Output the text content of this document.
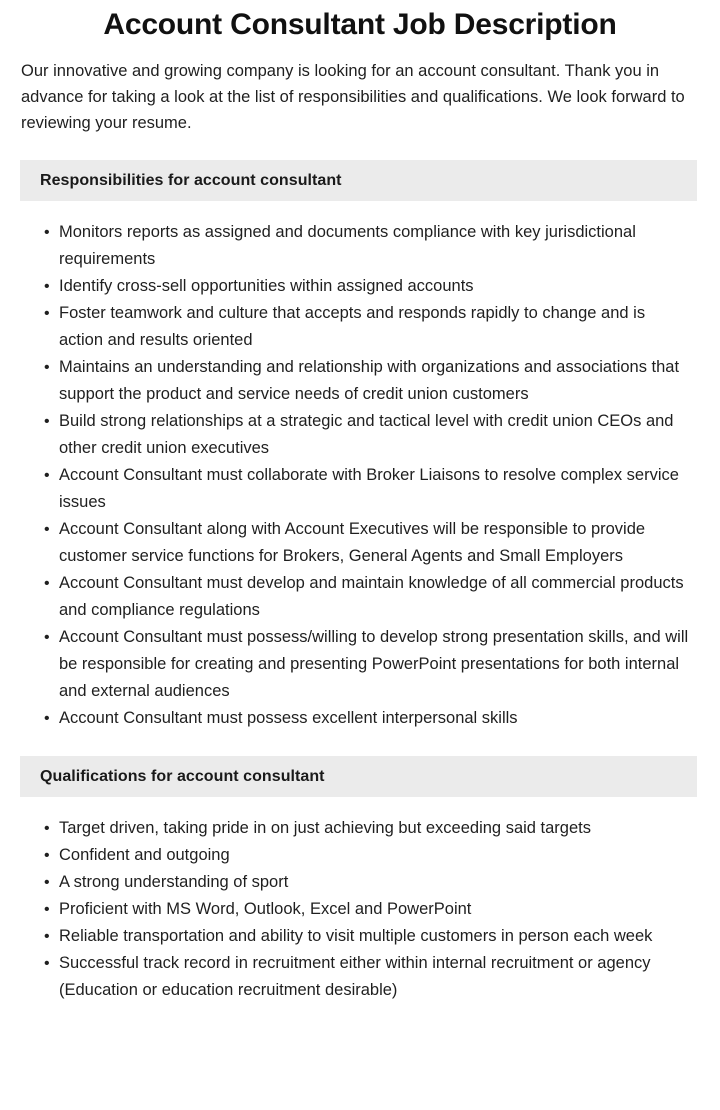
Account Consultant Job Description

Our innovative and growing company is looking for an account consultant. Thank you in advance for taking a look at the list of responsibilities and qualifications. We look forward to reviewing your resume.

Responsibilities for account consultant
• Monitors reports as assigned and documents compliance with key jurisdictional requirements
• Identify cross-sell opportunities within assigned accounts
• Foster teamwork and culture that accepts and responds rapidly to change and is action and results oriented
• Maintains an understanding and relationship with organizations and associations that support the product and service needs of credit union customers
• Build strong relationships at a strategic and tactical level with credit union CEOs and other credit union executives
• Account Consultant must collaborate with Broker Liaisons to resolve complex service issues
• Account Consultant along with Account Executives will be responsible to provide customer service functions for Brokers, General Agents and Small Employers
• Account Consultant must develop and maintain knowledge of all commercial products and compliance regulations
• Account Consultant must possess/willing to develop strong presentation skills, and will be responsible for creating and presenting PowerPoint presentations for both internal and external audiences
• Account Consultant must possess excellent interpersonal skills
Qualifications for account consultant
• Target driven, taking pride in on just achieving but exceeding said targets
• Confident and outgoing
• A strong understanding of sport
• Proficient with MS Word, Outlook, Excel and PowerPoint
• Reliable transportation and ability to visit multiple customers in person each week
• Successful track record in recruitment either within internal recruitment or agency (Education or education recruitment desirable)
